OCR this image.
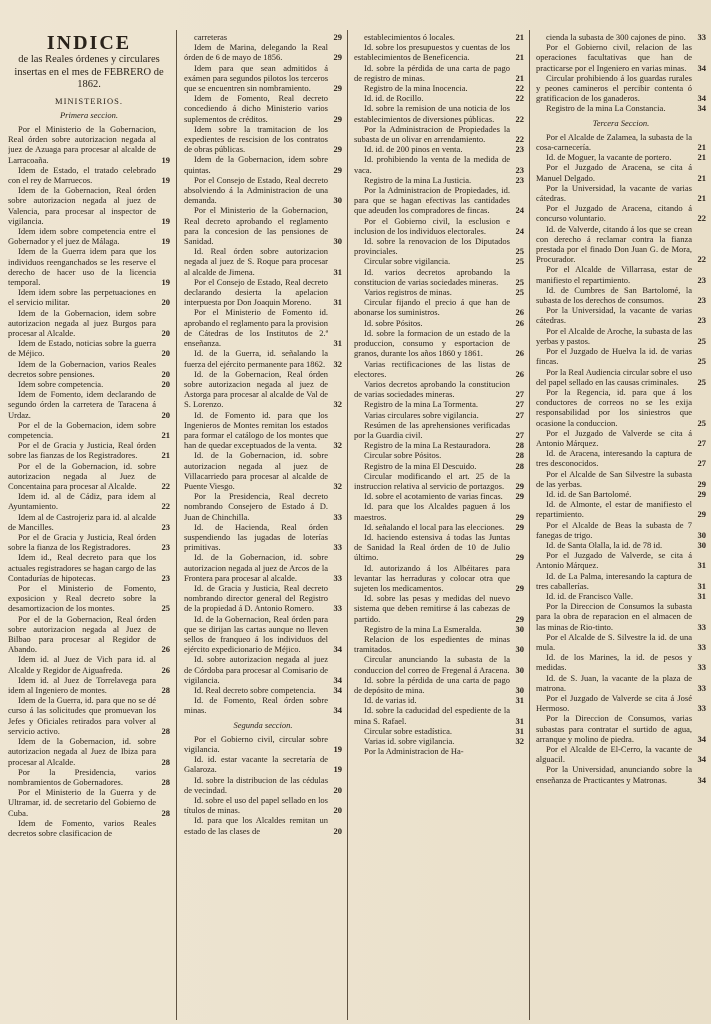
INDICE
de las Reales órdenes y circulares insertas en el mes de FEBRERO de 1862.
MINISTERIOS.
Primera seccion.
Por el Ministerio de la Gobernacion, Real órden sobre autorizacion negada al juez de Azuaga para procesar al alcalde de Larracoaña.	19
Idem de Estado, el tratado celebrado con el rey de Marruecos.	19
Idem de la Gobernacion, Real órden sobre autorizacion negada al juez de Valencia, para procesar al inspector de vigilancia.	19
Idem idem sobre competencia entre el Gobernador y el juez de Málaga.	19
Idem de la Guerra idem para que los individuos reenganchados se les reserve el derecho de hacer uso de la licencia temporal.	19
Idem idem sobre las perpetuaciones en el servicio militar.	20
Idem de la Gobernacion, idem sobre autorizacion negada al juez Burgos para procesar al Alcalde.	20
Idem de Estado, noticias sobre la guerra de Méjico.	20
Idem de la Gobernacion, varios Reales decretos sobre pensiones.	20
Idem sobre competencia.	20
Idem de Fomento, idem declarando de segundo órden la carretera de Taracena á Urdaz.	20
Por el de la Gobernacion, idem sobre competencia.	21
Por el de Gracia y Justicia, Real órden sobre las fianzas de los Registradores.	21
Por el de la Gobernacion, id. sobre autorizacion negada al Juez de Concentaina para procesar al Alcalde.	22
Idem id. al de Cádiz, para idem al Ayuntamiento.	22
Idem al de Castrojeriz para id. al alcalde de Mancilles.	23
Por el de Gracia y Justicia, Real órden sobre la fianza de los Registradores.	23
Idem id., Real decreto para que los actuales registradores se hagan cargo de las Contadurías de hipotecas.	23
Por el Ministerio de Fomento, exposicion y Real decreto sobre la desamortizacion de los montes.	25
Por el de la Gobernacion, Real órden sobre autorizacion negada al Juez de Bilbao para procesar al Regidor de Abando.	26
Idem id. al Juez de Vich para id. al Alcalde y Regidor de Aiguafreda.	26
Idem id. al Juez de Torrelavega para idem al Ingeniero de montes.	28
Idem de la Guerra, id. para que no se dé curso á las solicitudes que promuevan los Jefes y Oficiales retirados para volver al servicio activo.	28
Idem de la Gobernacion, id. sobre autorizacion negada al Juez de Ibiza para procesar al Alcalde.	28
Por la Presidencia, varios nombramientos de Gobernadores.	28
Por el Ministerio de la Guerra y de Ultramar, id. de secretario del Gobierno de Cuba.	28
Idem de Fomento, varios Reales decretos sobre clasificacion de
carreteras	29
Idem de Marina, delegando la Real órden de 6 de mayo de 1856.	29
Idem para que sean admitidos á exámen para segundos pilotos los terceros que se encuentren sin nombramiento.	29
Idem de Fomento, Real decreto concediendo á dicho Ministerio varios suplementos de créditos.	29
Idem sobre la tramitacion de los expedientes de rescision de los contratos de obras públicas.	29
Idem de la Gobernacion, idem sobre quintas.	29
Por el Consejo de Estado, Real decreto absolviendo á la Administracion de una demanda.	30
Por el Ministerio de la Gobernacion, Real decreto aprobando el reglamento para la concesion de las pensiones de Sanidad.	30
Id. Real órden sobre autorizacion negada al juez de S. Roque para procesar al alcalde de Jimena.	31
Por el Consejo de Estado, Real decreto declarando desierta la apelacion interpuesta por Don Joaquin Moreno.	31
Por el Ministerio de Fomento id. aprobando el reglamento para la provision de Cátedras de los Institutos de 2.ª enseñanza.	31
Id. de la Guerra, id. señalando la fuerza del ejército permanente para 1862. 32
Id. de la Gobernacion, Real órden sobre autorizacion negada al juez de Astorga para procesar al alcalde de Val de S. Lorenzo.	32
Id. de Fomento id. para que los Ingenieros de Montes remitan los estados para formar el catálogo de los montes que han de quedar exceptuados de la venta.	32
Id. de la Gobernacion, id. sobre autorizacion negada al juez de Villacarriedo para procesar al alcalde de Puente Viesgo.	32
Por la Presidencia, Real decreto nombrando Consejero de Estado á D. Juan de Chinchilla.	33
Id. de Hacienda, Real órden suspendiendo las jugadas de loterías primitivas.	33
Id. de la Gobernacion, id. sobre autorizacion negada al juez de Arcos de la Frontera para procesar al alcalde.	33
Id. de Gracia y Justicia, Real decreto nombrando director general del Registro de la propiedad á D. Antonio Romero.	33
Id. de la Gobernacion, Real órden para que se dirijan las cartas aunque no lleven sellos de franqueo á los individuos del ejército expedicionario de Méjico.	34
Id. sobre autorizacion negada al juez de Córdoba para procesar al Comisario de vigilancia.	34
Id. Real decreto sobre competencia.	34
Id. de Fomento, Real órden sobre minas.	34
Segunda seccion.
Por el Gobierno civil, circular sobre vigilancia.	19
Id. id. estar vacante la secretaría de Galaroza.	19
Id. sobre la distribucion de las cédulas de vecindad.	20
Id. sobre el uso del papel sellado en los títulos de minas.	20
Id. para que los Alcaldes remitan un estado de las clases de	20
establecimientos ó locales.	21
Id. sobre los presupuestos y cuentas de los establecimientos de Beneficencia.	21
Id. sobre la pérdida de una carta de pago de registro de minas.	21
Registro de la mina Inocencia.	22
Id. id. de Rocillo.	22
Id. sobre la remision de una noticia de los establecimientos de diversiones públicas.	22
Por la Administracion de Propiedades la subasta de un olivar en arrendamiento.	22
Id. id. de 200 pinos en venta.	23
Id. prohibiendo la venta de la medida de vaca.	23
Registro de la mina La Justicia.	23
Por la Administracion de Propiedades, id. para que se hagan efectivas las cantidades que adeuden los compradores de fincas.	24
Por el Gobierno civil, la esclusion e inclusion de los individuos electorales.	24
Id. sobre la renovacion de los Diputados provinciales.	25
Circular sobre vigilancia.	25
Id. varios decretos aprobando la constitucion de varias sociedades mineras.	25
Varios registros de minas.	25
Circular fijando el precio á que han de abonarse los suministros.	26
Id. sobre Pósitos.	26
Id. sobre la formacion de un estado de la produccion, consumo y esportacion de granos, durante los años 1860 y 1861.	26
Varias rectificaciones de las listas de electores.	26
Varios decretos aprobando la constitucion de varias sociedades mineras.	27
Registro de la mina La Tormenta.	27
Varias circulares sobre vigilancia.	27
Resúmen de las aprehensiones verificadas por la Guardia civil.	27
Registro de la mina La Restauradora.	28
Circular sobre Pósitos.	28
Registro de la mina El Descuido.	28
Circular modificando el art. 25 de la instruccion relativa al servicio de portazgos.	29
Id. sobre el acotamiento de varias fincas.	29
Id. para que los Alcaldes paguen á los maestros.	29
Id. señalando el local para las elecciones.	29
Id. haciendo estensiva á todas las Juntas de Sanidad la Real órden de 10 de Julio último.	29
Id. autorizando á los Albéitares para levantar las herraduras y colocar otra que sujeten los medicamentos.	29
Id. sobre las pesas y medidas del nuevo sistema que deben remitirse á las cabezas de partido.	29
Registro de la mina La Esmeralda.	30
Relacion de los espedientes de minas tramitados.	30
Circular anunciando la subasta de la conduccion del correo de Fregenal á Aracena. 30
Id. sobre la pérdida de una carta de pago de depósito de mina.	30
Id. de varias id.	31
Id. sobre la caducidad del espediente de la mina S. Rafael.	31
Circular sobre estadística.	31
Varias id. sobre vigilancia.	32
Por la Administracion de Ha-
cienda la subasta de 300 cajones de pino.	33
Por el Gobierno civil, relacion de las operaciones facultativas que han de practicarse por el Ingeniero en varias minas.	34
Circular prohibiendo á los guardas rurales y peones camineros el percibir contenta ó gratificacion de los ganaderos.	34
Registro de la mina La Constancia.	34
Tercera Seccion.
Por el Alcalde de Zalamea, la subasta de la cosa-carnecería.	21
Id. de Moguer, la vacante de portero.	21
Por el Juzgado de Aracena, se cita á Manuel Delgado.	21
Por la Universidad, la vacante de varias cátedras.	21
Por el Juzgado de Aracena, citando á concurso voluntario.	22
Id. de Valverde, citando á los que se crean con derecho á reclamar contra la fianza prestada por el finado Don Juan G. de Mora, Procurador.	22
Por el Alcalde de Villarrasa, estar de manifiesto el repartimiento.	23
Id. de Cumbres de San Bartolomé, la subasta de los derechos de consumos.	23
Por la Universidad, la vacante de varias cátedras.	23
Por el Alcalde de Aroche, la subasta de las yerbas y pastos.	25
Por el Juzgado de Huelva la id. de varias fincas.	25
Por la Real Audiencia circular sobre el uso del papel sellado en las causas criminales.	25
Por la Regencia, id. para que á los conductores de correos no se les exija responsabilidad por los siniestros que ocasione la conduccion.	25
Por el Juzgado de Valverde se cita á Antonio Márquez.	27
Id. de Aracena, interesando la captura de tres desconocidos.	27
Por el Alcalde de San Silvestre la subasta de las yerbas.	29
Id. id. de San Bartolomé.	29
Id. de Almonte, el estar de manifiesto el repartimiento.	29
Por el Alcalde de Beas la subasta de 7 fanegas de trigo.	30
Id. de Santa Olalla, la id. de 78 id.	30
Por el Juzgado de Valverde, se cita á Antonio Márquez.	31
Id. de La Palma, interesando la captura de tres caballerías.	31
Id. id. de Francisco Valle.	31
Por la Direccion de Consumos la subasta para la obra de reparacion en el almacen de las minas de Rio-tinto.	33
Por el Alcalde de S. Silvestre la id. de una mula.	33
Id. de los Marines, la id. de pesos y medidas.	33
Id. de S. Juan, la vacante de la plaza de matrona.	33
Por el Juzgado de Valverde se cita á José Hermoso.	33
Por la Direccion de Consumos, varias subastas para contratar el surtido de agua, arranque y molino de piedra.	34
Por el Alcalde de El-Cerro, la vacante de alguacil.	34
Por la Universidad, anunciando sobre la enseñanza de Practicantes y Matronas.	34
